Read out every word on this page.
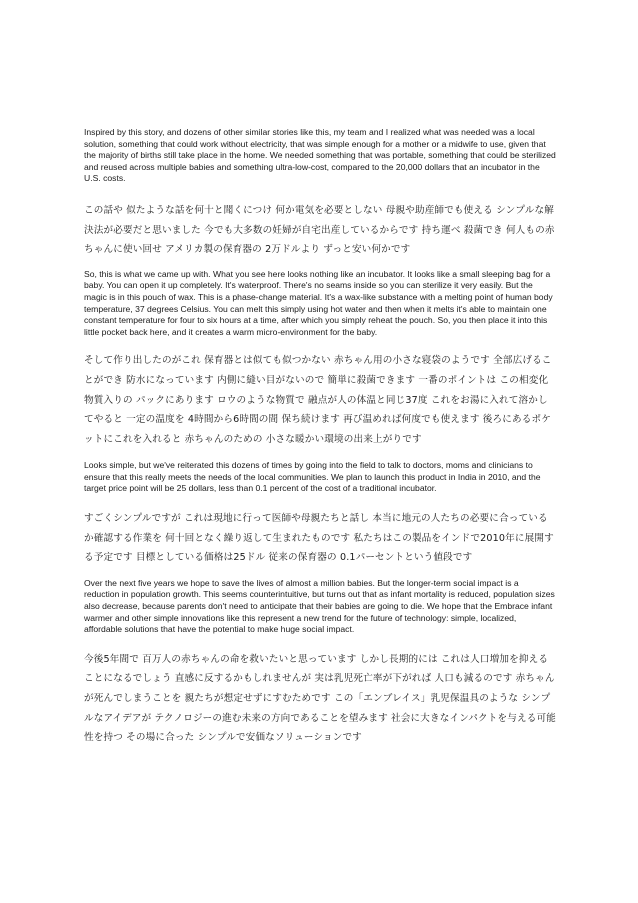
Inspired by this story, and dozens of other similar stories like this, my team and I realized what was needed was a local solution, something that could work without electricity, that was simple enough for a mother or a midwife to use, given that the majority of births still take place in the home. We needed something that was portable, something that could be sterilized and reused across multiple babies and something ultra-low-cost, compared to the 20,000 dollars that an incubator in the U.S. costs.

この話や 似たような話を何十と聞くにつけ 何か電気を必要としない 母親や助産師でも使える シンプルな解決法が必要だと思いました 今でも大多数の妊婦が自宅出産しているからです 持ち運べ 殺菌でき 何人もの赤ちゃんに使い回せ アメリカ製の保育器の 2万ドルより ずっと安い何かです

So, this is what we came up with. What you see here looks nothing like an incubator. It looks like a small sleeping bag for a baby. You can open it up completely. It's waterproof. There's no seams inside so you can sterilize it very easily. But the magic is in this pouch of wax. This is a phase-change material. It's a wax-like substance with a melting point of human body temperature, 37 degrees Celsius. You can melt this simply using hot water and then when it melts it's able to maintain one constant temperature for four to six hours at a time, after which you simply reheat the pouch. So, you then place it into this little pocket back here, and it creates a warm micro-environment for the baby.

そして作り出したのがこれ 保育器とは似ても似つかない 赤ちゃん用の小さな寝袋のようです 全部広げることができ 防水になっています 内側に縫い目がないので 簡単に殺菌できます 一番のポイントは この相変化物質入りの パックにあります ロウのような物質で 融点が人の体温と同じ37度 これをお湯に入れて溶かしてやると 一定の温度を 4時間から6時間の間 保ち続けます 再び温めれば何度でも使えます 後ろにあるポケットにこれを入れると 赤ちゃんのための 小さな暖かい環境の出来上がりです

Looks simple, but we've reiterated this dozens of times by going into the field to talk to doctors, moms and clinicians to ensure that this really meets the needs of the local communities. We plan to launch this product in India in 2010, and the target price point will be 25 dollars, less than 0.1 percent of the cost of a traditional incubator.

すごくシンプルですが これは現地に行って医師や母親たちと話し 本当に地元の人たちの必要に合っているか確認する作業を 何十回となく繰り返して生まれたものです 私たちはこの製品をインドで2010年に展開する予定です 目標としている価格は25ドル 従来の保育器の 0.1パーセントという値段です

Over the next five years we hope to save the lives of almost a million babies. But the longer-term social impact is a reduction in population growth. This seems counterintuitive, but turns out that as infant mortality is reduced, population sizes also decrease, because parents don't need to anticipate that their babies are going to die. We hope that the Embrace infant warmer and other simple innovations like this represent a new trend for the future of technology: simple, localized, affordable solutions that have the potential to make huge social impact.

今後5年間で 百万人の赤ちゃんの命を救いたいと思っています しかし長期的には これは人口増加を抑えることになるでしょう 直感に反するかもしれませんが 実は乳児死亡率が下がれば 人口も減るのです 赤ちゃんが死んでしまうことを 親たちが想定せずにすむためです この「エンブレイス」乳児保温具のような シンプルなアイデアが テクノロジーの進む未来の方向であることを望みます 社会に大きなインパクトを与える可能性を持つ その場に合った シンプルで安価なソリューションです
